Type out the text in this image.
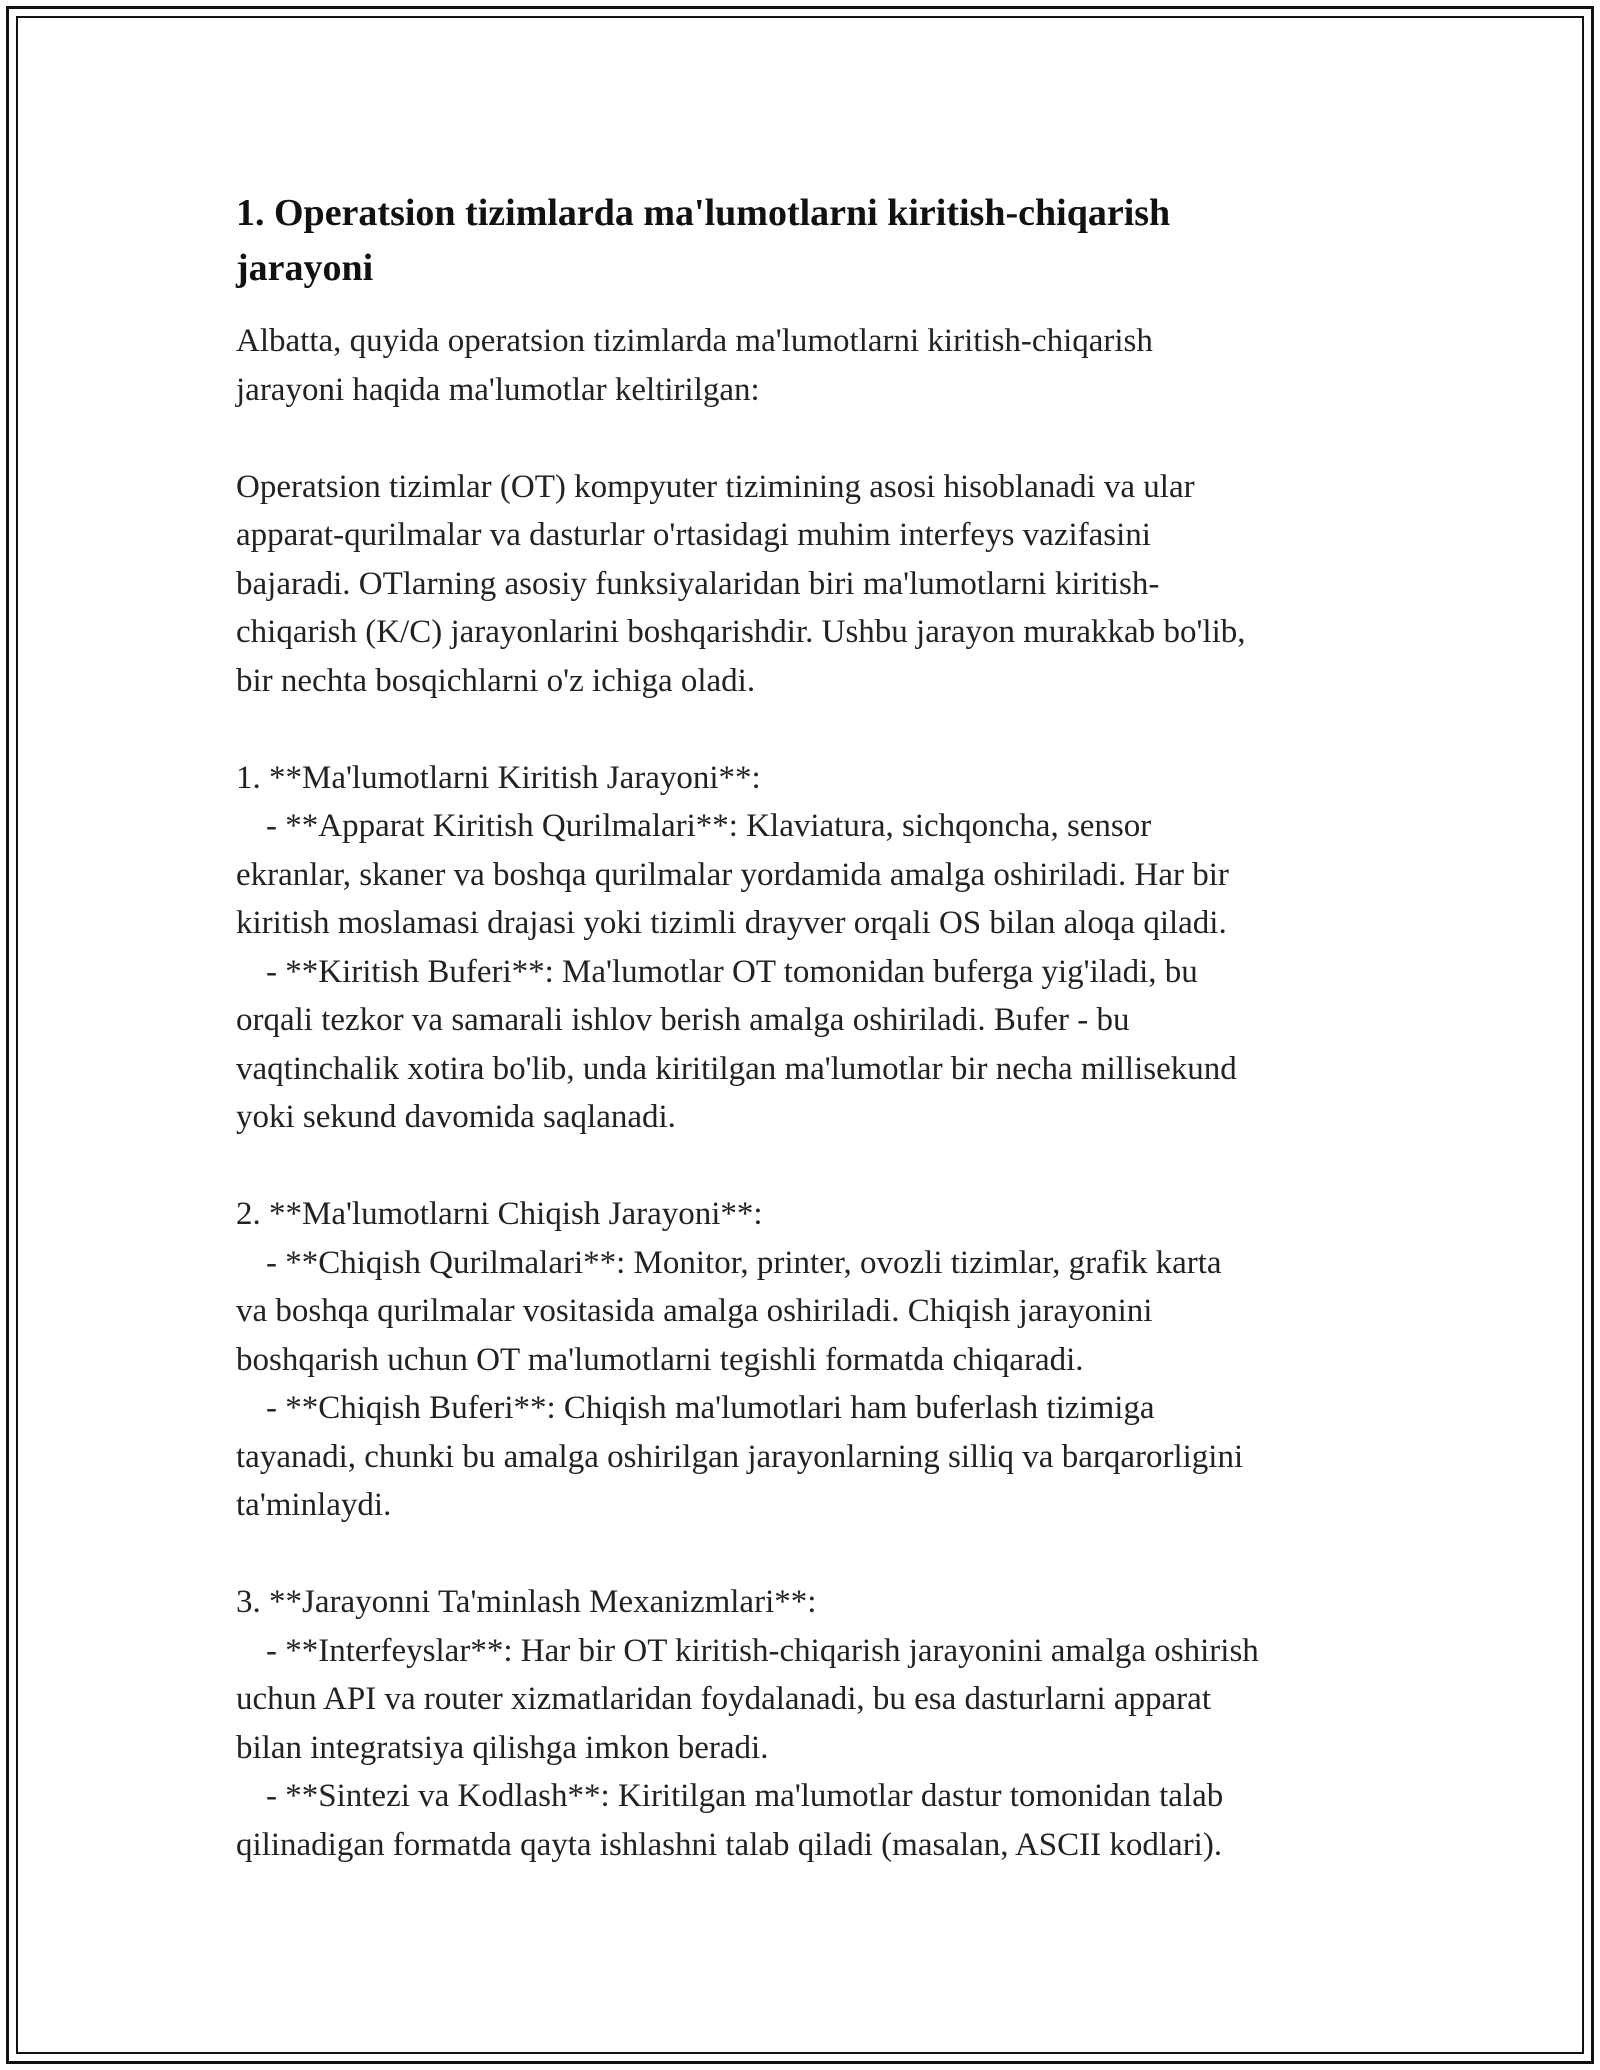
1. Operatsion tizimlarda ma'lumotlarni kiritish-chiqarish
jarayoni

Albatta, quyida operatsion tizimlarda ma'lumotlarni kiritish-chiqarish
jarayoni haqida ma'lumotlar keltirilgan:

Operatsion tizimlar (OT) kompyuter tizimining asosi hisoblanadi va ular
apparat-qurilmalar va dasturlar o'rtasidagi muhim interfeys vazifasini
bajaradi. OTlarning asosiy funksiyalaridan biri ma'lumotlarni kiritish-
chiqarish (K/C) jarayonlarini boshqarishdir. Ushbu jarayon murakkab bo'lib,
bir nechta bosqichlarni o'z ichiga oladi.

1. **Ma'lumotlarni Kiritish Jarayoni**:

- **Apparat Kiritish Qurilmalari**: Klaviatura, sichqoncha, sensor
ekranlar, skaner va boshqa qurilmalar yordamida amalga oshiriladi. Har bir
kiritish moslamasi drajasi yoki tizimli drayver orqali OS bilan aloqa qiladi.

- **Kiritish Buferi**: Ma'lumotlar OT tomonidan buferga yig'iladi, bu
orqali tezkor va samarali ishlov berish amalga oshiriladi. Bufer - bu
vaqtinchalik xotira bo'lib, unda kiritilgan ma'lumotlar bir necha millisekund
yoki sekund davomida saqlanadi.

2. **Ma'lumotlarni Chiqish Jarayoni**:

- **Chiqish Qurilmalari**: Monitor, printer, ovozli tizimlar, grafik karta
va boshqa qurilmalar vositasida amalga oshiriladi. Chiqish jarayonini
boshqarish uchun OT ma'lumotlarni tegishli formatda chiqaradi.

- **Chiqish Buferi**: Chiqish ma'lumotlari ham buferlash tizimiga
tayanadi, chunki bu amalga oshirilgan jarayonlarning silliq va barqarorligini
ta'minlaydi.

3. **Jarayonni Ta'minlash Mexanizmlari**:

- **Interfeyslar**: Har bir OT kiritish-chiqarish jarayonini amalga oshirish
uchun API va router xizmatlaridan foydalanadi, bu esa dasturlarni apparat
bilan integratsiya qilishga imkon beradi.

- **Sintezi va Kodlash**: Kiritilgan ma'lumotlar dastur tomonidan talab
qilinadigan formatda qayta ishlashni talab qiladi (masalan, ASCII kodlari).
